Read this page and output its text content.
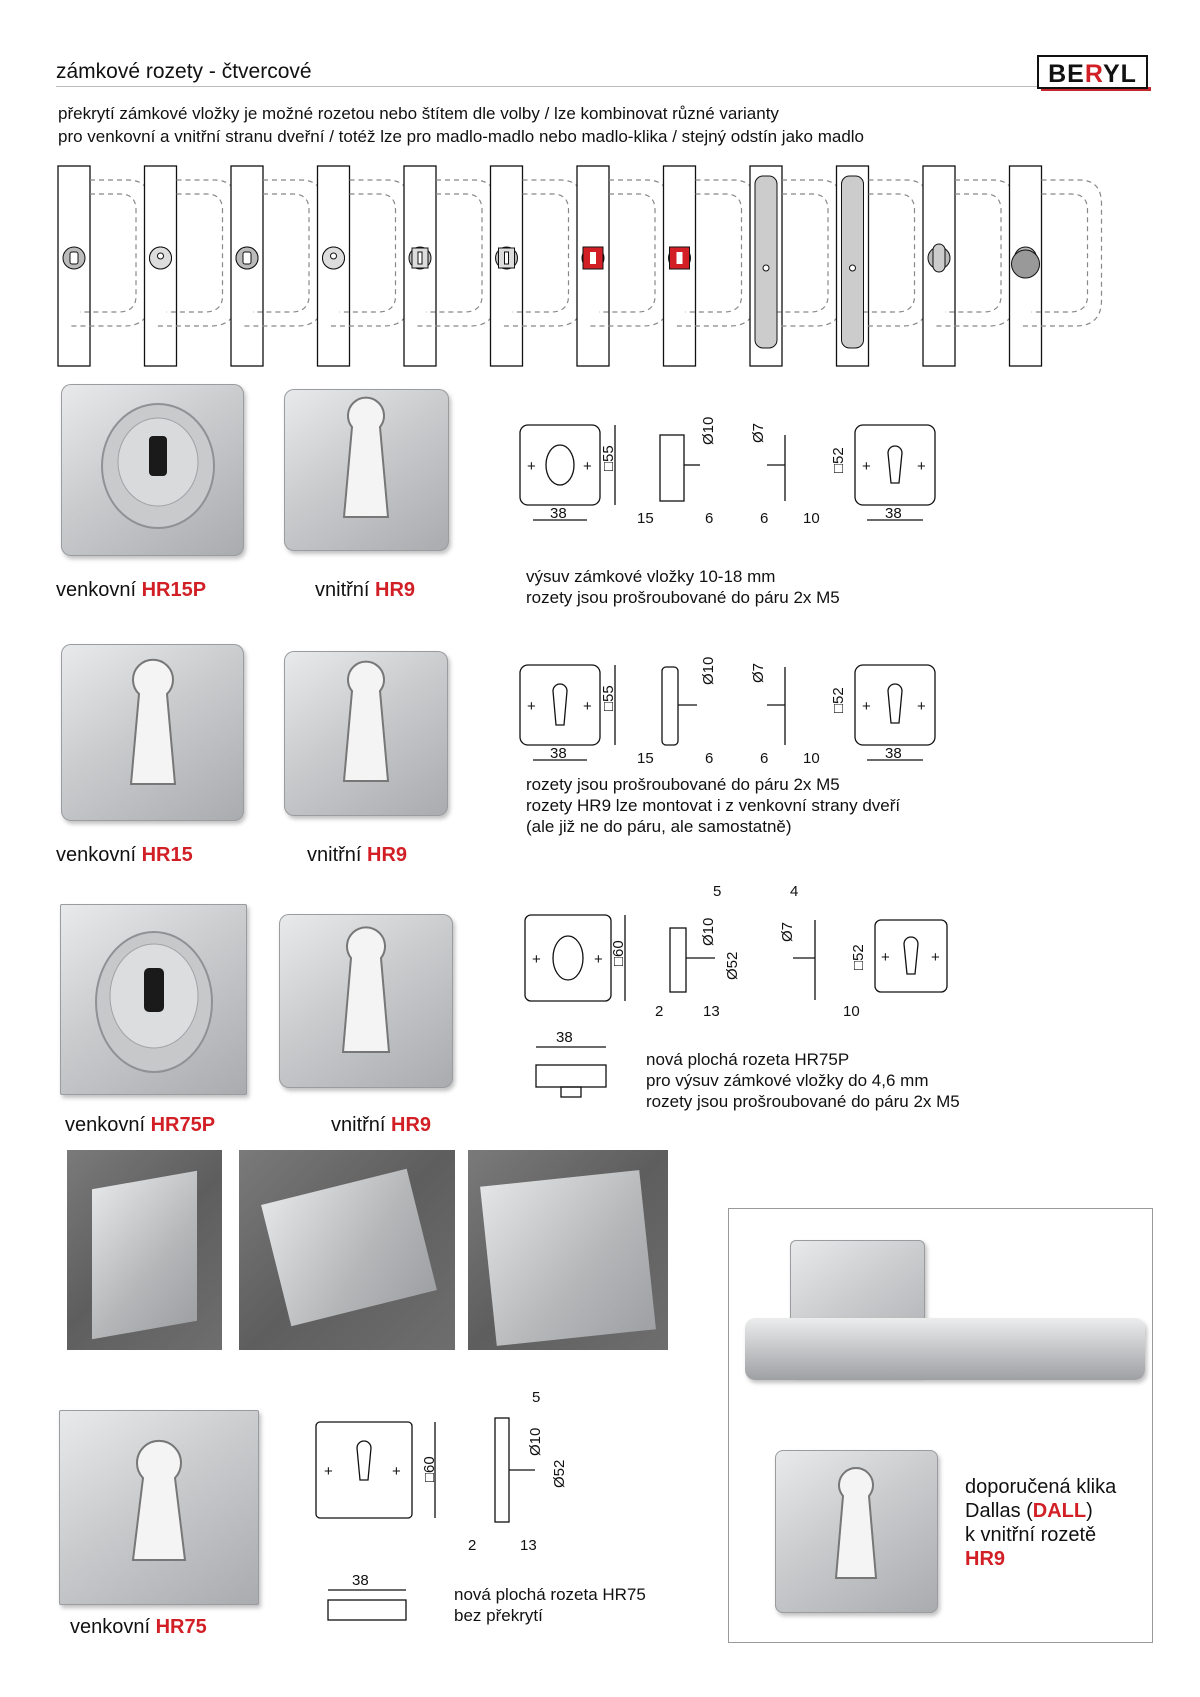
zámkové rozety - čtvercové	BERYL
překrytí zámkové vložky je možné rozetou nebo štítem dle volby / lze kombinovat různé varianty
pro venkovní a vnitřní stranu dveřní / totéž lze pro madlo-madlo nebo madlo-klika / stejný odstín jako madlo
venkovní HR15P	vnitřní HR9
+	+ □55
38
Ø10
15	6
Ø7
6 10
□52 +	+
38
výsuv zámkové vložky 10-18 mm
rozety jsou prošroubované do páru 2x M5
venkovní HR15	vnitřní HR9
+	+ □55
38
Ø10
15	6
Ø7
6 10
□52 +	+
38
rozety jsou prošroubované do páru 2x M5
rozety HR9 lze montovat i z venkovní strany dveří
(ale již ne do páru, ale samostatně)
venkovní HR75P	vnitřní HR9
+	+ □60
5
Ø10
Ø52
2	13
4
Ø7
10
□52 +	+
38
nová plochá rozeta HR75P
pro výsuv zámkové vložky do 4,6 mm
rozety jsou prošroubované do páru 2x M5
venkovní HR75
+	+ □60
5
Ø10
Ø52
2	13
38
nová plochá rozeta HR75
bez překrytí
doporučená klika
Dallas (DALL)
k vnitřní rozetě
HR9
